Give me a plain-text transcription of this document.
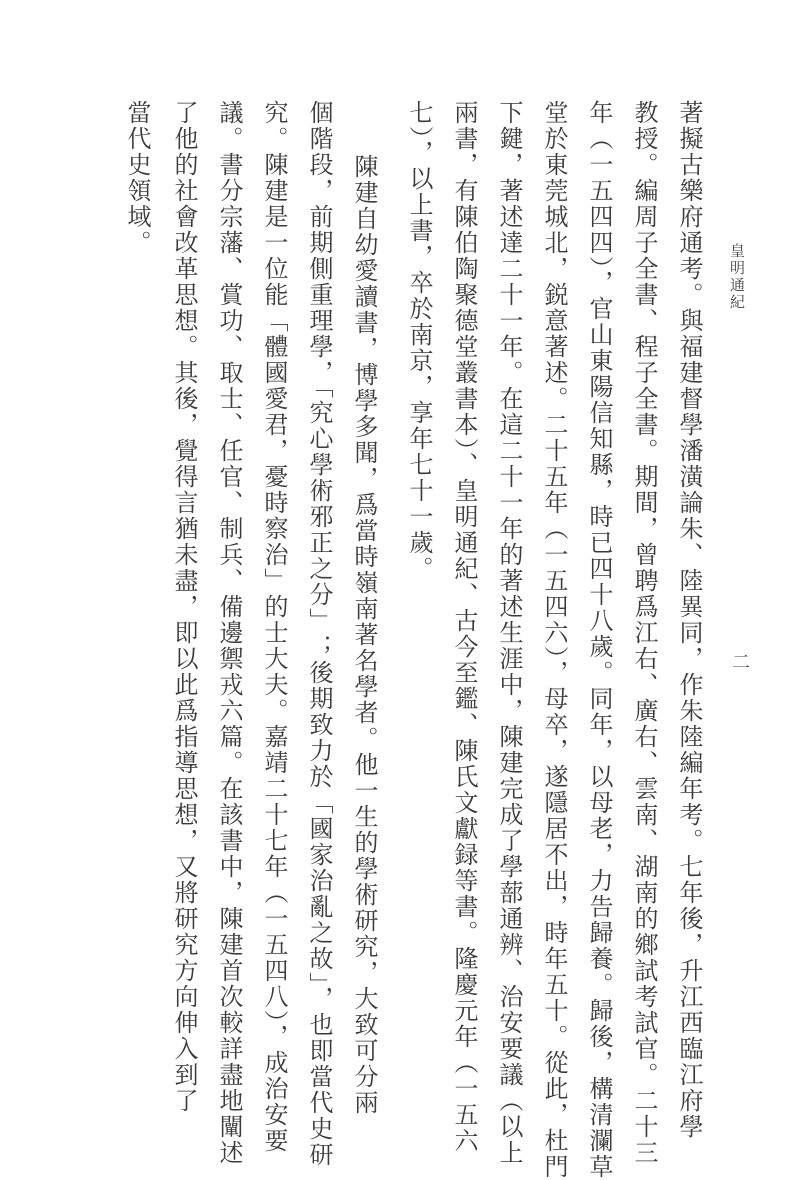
皇明通紀
二
著擬古樂府通考。與福建督學潘潢論朱、陸異同，作朱陸編年考。七年後，升江西臨江府學
教授。編周子全書、程子全書。期間，曾聘爲江右、廣右、雲南、湖南的鄉試考試官。二十三
年（一五四四），官山東陽信知縣，時已四十八歲。同年，以母老，力告歸養。歸後，構清瀾草
堂於東莞城北，鋭意著述。二十五年（一五四六），母卒，遂隱居不出，時年五十。從此，杜門
下鍵，著述達二十一年。在這二十一年的著述生涯中，陳建完成了學蔀通辨、治安要議（以上
兩書，有陳伯陶聚德堂叢書本）、皇明通紀、古今至鑑、陳氏文獻録等書。隆慶元年（一五六
七），以上書，卒於南京，享年七十一歲。
陳建自幼愛讀書，博學多聞，爲當時嶺南著名學者。他一生的學術研究，大致可分兩
個階段，前期側重理學，「究心學術邪正之分」；後期致力於「國家治亂之故」，也即當代史研
究。陳建是一位能「體國愛君，憂時察治」的士大夫。嘉靖二十七年（一五四八），成治安要
議。書分宗藩、賞功、取士、任官、制兵、備邊禦戎六篇。在該書中，陳建首次較詳盡地闡述
了他的社會改革思想。其後，覺得言猶未盡，即以此爲指導思想，又將研究方向伸入到了
當代史領域。
